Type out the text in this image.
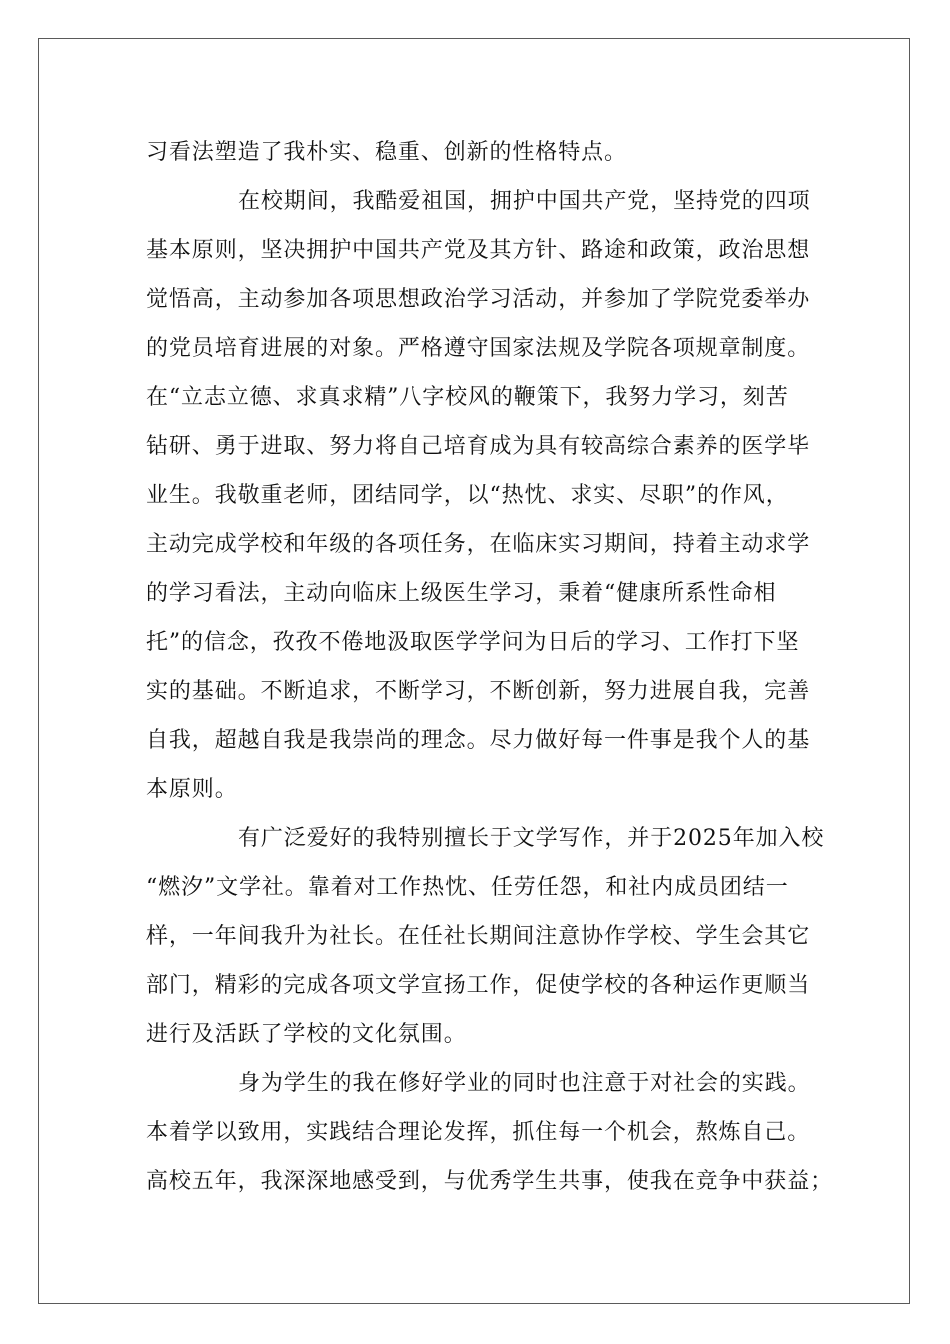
习看法塑造了我朴实、稳重、创新的性格特点。
在校期间，我酷爱祖国，拥护中国共产党，坚持党的四项
基本原则，坚决拥护中国共产党及其方针、路途和政策，政治思想
觉悟高，主动参加各项思想政治学习活动，并参加了学院党委举办
的党员培育进展的对象。严格遵守国家法规及学院各项规章制度。
在“立志立德、求真求精”八字校风的鞭策下，我努力学习，刻苦
钻研、勇于进取、努力将自己培育成为具有较高综合素养的医学毕
业生。我敬重老师，团结同学，以“热忱、求实、尽职”的作风，
主动完成学校和年级的各项任务，在临床实习期间，持着主动求学
的学习看法，主动向临床上级医生学习，秉着“健康所系性命相
托”的信念，孜孜不倦地汲取医学学问为日后的学习、工作打下坚
实的基础。不断追求，不断学习，不断创新，努力进展自我，完善
自我，超越自我是我崇尚的理念。尽力做好每一件事是我个人的基
本原则。
有广泛爱好的我特别擅长于文学写作，并于2025年加入校
“燃汐”文学社。靠着对工作热忱、任劳任怨，和社内成员团结一
样，一年间我升为社长。在任社长期间注意协作学校、学生会其它
部门，精彩的完成各项文学宣扬工作，促使学校的各种运作更顺当
进行及活跃了学校的文化氛围。
身为学生的我在修好学业的同时也注意于对社会的实践。
本着学以致用，实践结合理论发挥，抓住每一个机会，熬炼自己。
高校五年，我深深地感受到，与优秀学生共事，使我在竞争中获益；
